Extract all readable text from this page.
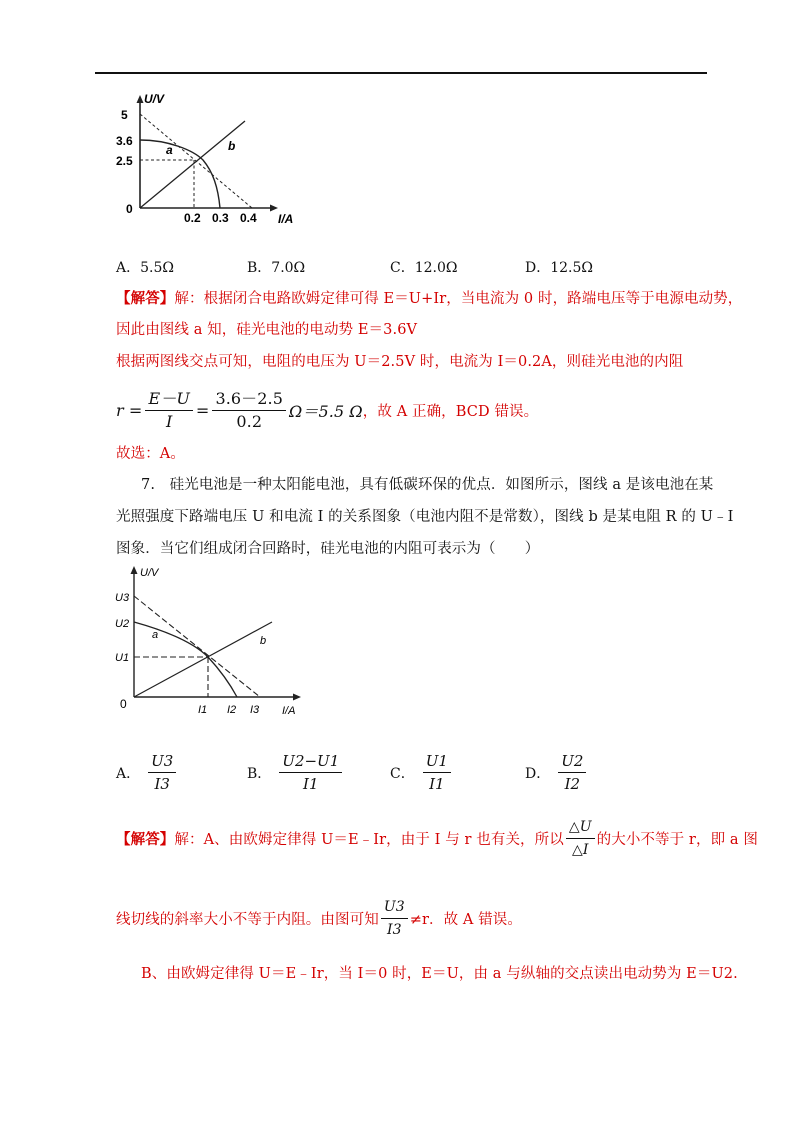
U/V
I/A
5
3.6
2.5
0
0.2 0.3 0.4
a	b
A．5.5Ω	B．7.0Ω	C．12.0Ω	D．12.5Ω
【解答】解：根据闭合电路欧姆定律可得 E＝U+Ir，当电流为 0 时，路端电压等于电源电动势，
因此由图线 a 知，硅光电池的电动势 E＝3.6V
根据两图线交点可知，电阻的电压为 U＝2.5V 时，电流为 I＝0.2A，则硅光电池的内阻
$r = \frac{E-U}{I} = \frac{3.6-2.5}{0.2} \Omega=5.5$ Ω ，故 A 正确，BCD 错误。
故选：A。
7.　硅光电池是一种太阳能电池，具有低碳环保的优点．如图所示，图线 a 是该电池在某
光照强度下路端电压 U 和电流 I 的关系图象（电池内阻不是常数），图线 b 是某电阻 R 的 U﹣I
图象．当它们组成闭合回路时，硅光电池的内阻可表示为（　　）
U/V
I/A
U3
U2
U1
0	I1 I2 I3
a	b
A． $\frac{U3}{I3}$	B． $\frac{U2-U1}{I1}$	C． $\frac{U1}{I1}$	D． $\frac{U2}{I2}$
【解答】 解：A、由欧姆定律得 U＝E﹣Ir，由于 I 与 r 也有关，所以 $\frac{\triangle U}{\triangle I}$ 的大小不等于 r，即 a 图
线切线的斜率大小不等于内阻。由图可知 $\frac{U3}{I3} \ne r$．故 A 错误。
B、由欧姆定律得 U＝E﹣Ir，当 I＝0 时，E＝U，由 a 与纵轴的交点读出电动势为 E＝U2.
